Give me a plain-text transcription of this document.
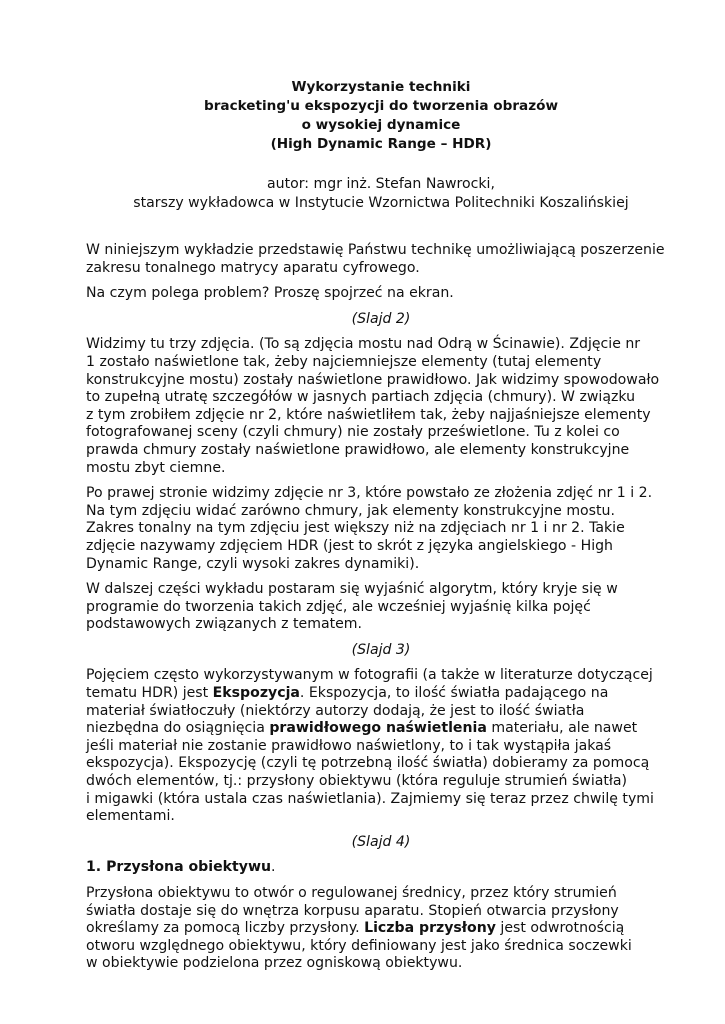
Wykorzystanie techniki
bracketing'u ekspozycji do tworzenia obrazów
o wysokiej dynamice
(High Dynamic Range – HDR)
autor: mgr inż. Stefan Nawrocki,
starszy wykładowca w Instytucie Wzornictwa Politechniki Koszalińskiej

W niniejszym wykładzie przedstawię Państwu technikę umożliwiającą poszerzenie
zakresu tonalnego matrycy aparatu cyfrowego.

Na czym polega problem? Proszę spojrzeć na ekran.

(Slajd 2)

Widzimy tu trzy zdjęcia. (To są zdjęcia mostu nad Odrą w Ścinawie). Zdjęcie nr
1 zostało naświetlone tak, żeby najciemniejsze elementy (tutaj elementy
konstrukcyjne mostu) zostały naświetlone prawidłowo. Jak widzimy spowodowało
to zupełną utratę szczegółów w jasnych partiach zdjęcia (chmury). W związku
z tym zrobiłem zdjęcie nr 2, które naświetliłem tak, żeby najjaśniejsze elementy
fotografowanej sceny (czyli chmury) nie zostały prześwietlone. Tu z kolei co
prawda chmury zostały naświetlone prawidłowo, ale elementy konstrukcyjne
mostu zbyt ciemne.

Po prawej stronie widzimy zdjęcie nr 3, które powstało ze złożenia zdjęć nr 1 i 2.
Na tym zdjęciu widać zarówno chmury, jak elementy konstrukcyjne mostu.
Zakres tonalny na tym zdjęciu jest większy niż na zdjęciach nr 1 i nr 2. Takie
zdjęcie nazywamy zdjęciem HDR (jest to skrót z języka angielskiego - High
Dynamic Range, czyli wysoki zakres dynamiki).

W dalszej części wykładu postaram się wyjaśnić algorytm, który kryje się w
programie do tworzenia takich zdjęć, ale wcześniej wyjaśnię kilka pojęć
podstawowych związanych z tematem.

(Slajd 3)

Pojęciem często wykorzystywanym w fotografii (a także w literaturze dotyczącej
tematu HDR) jest Ekspozycja. Ekspozycja, to ilość światła padającego na
materiał światłoczuły (niektórzy autorzy dodają, że jest to ilość światła
niezbędna do osiągnięcia prawidłowego naświetlenia materiału, ale nawet
jeśli materiał nie zostanie prawidłowo naświetlony, to i tak wystąpiła jakaś
ekspozycja). Ekspozycję (czyli tę potrzebną ilość światła) dobieramy za pomocą
dwóch elementów, tj.: przysłony obiektywu (która reguluje strumień światła)
i migawki (która ustala czas naświetlania). Zajmiemy się teraz przez chwilę tymi
elementami.

(Slajd 4)
1. Przysłona obiektywu.

Przysłona obiektywu to otwór o regulowanej średnicy, przez który strumień
światła dostaje się do wnętrza korpusu aparatu. Stopień otwarcia przysłony
określamy za pomocą liczby przysłony. Liczba przysłony jest odwrotnością
otworu względnego obiektywu, który definiowany jest jako średnica soczewki
w obiektywie podzielona przez ogniskową obiektywu.
